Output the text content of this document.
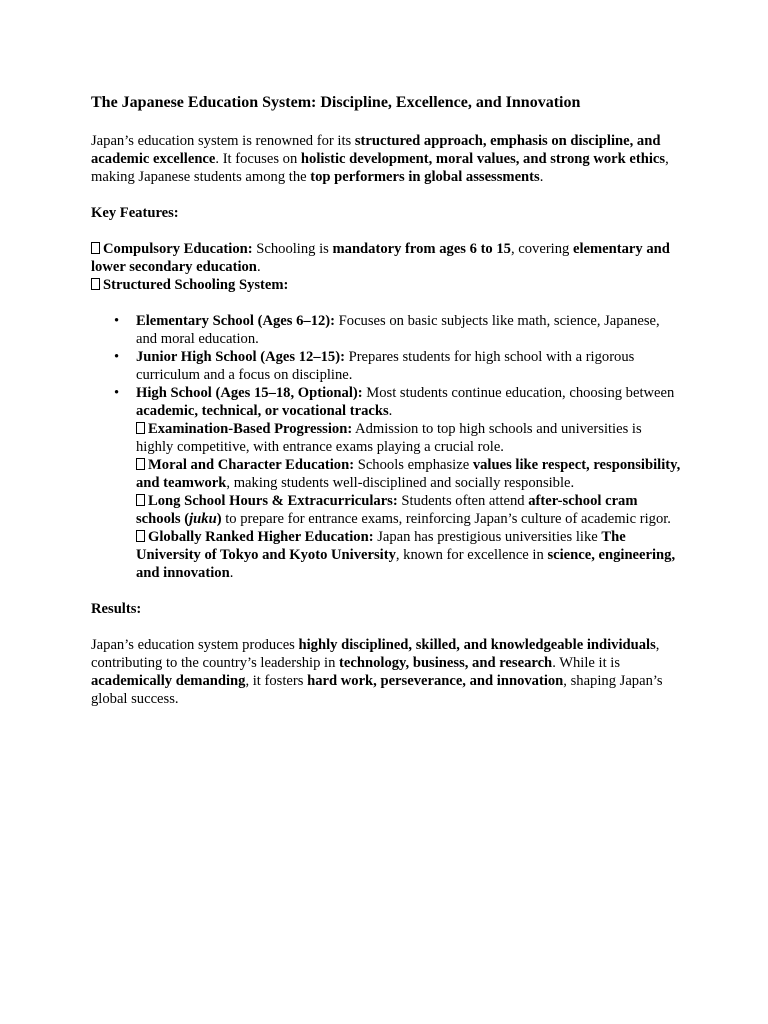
The Japanese Education System: Discipline, Excellence, and Innovation

Japan’s education system is renowned for its structured approach, emphasis on discipline, and academic excellence. It focuses on holistic development, moral values, and strong work ethics, making Japanese students among the top performers in global assessments.

Key Features:

Compulsory Education: Schooling is mandatory from ages 6 to 15, covering elementary and lower secondary education.

Structured Schooling System:

• Elementary School (Ages 6–12): Focuses on basic subjects like math, science, Japanese, and moral education.
• Junior High School (Ages 12–15): Prepares students for high school with a rigorous curriculum and a focus on discipline.
• High School (Ages 15–18, Optional): Most students continue education, choosing between academic, technical, or vocational tracks.

Examination-Based Progression: Admission to top high schools and universities is highly competitive, with entrance exams playing a crucial role.

Moral and Character Education: Schools emphasize values like respect, responsibility, and teamwork, making students well-disciplined and socially responsible.

Long School Hours & Extracurriculars: Students often attend after-school cram schools (juku) to prepare for entrance exams, reinforcing Japan’s culture of academic rigor.

Globally Ranked Higher Education: Japan has prestigious universities like The University of Tokyo and Kyoto University, known for excellence in science, engineering, and innovation.

Results:

Japan’s education system produces highly disciplined, skilled, and knowledgeable individuals, contributing to the country’s leadership in technology, business, and research. While it is academically demanding, it fosters hard work, perseverance, and innovation, shaping Japan’s global success.
